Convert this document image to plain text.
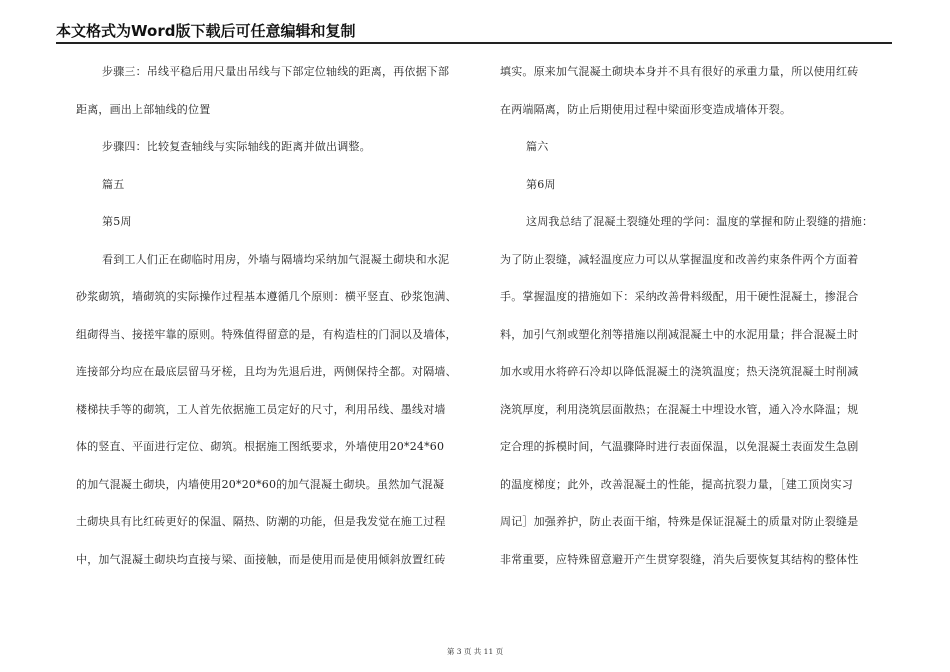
本文格式为Word版下载后可任意编辑和复制
步骤三：吊线平稳后用尺量出吊线与下部定位轴线的距离，再依据下部
距离，画出上部轴线的位置
步骤四：比较复查轴线与实际轴线的距离并做出调整。
篇五
第5周
看到工人们正在砌临时用房，外墙与隔墙均采纳加气混凝土砌块和水泥
砂浆砌筑，墙砌筑的实际操作过程基本遵循几个原则：横平竖直、砂浆饱满、
组砌得当、接搓牢靠的原则。特殊值得留意的是，有构造柱的门洞以及墙体，
连接部分均应在最底层留马牙槎，且均为先退后进，两侧保持全都。对隔墙、
楼梯扶手等的砌筑，工人首先依据施工员定好的尺寸，利用吊线、墨线对墙
体的竖直、平面进行定位、砌筑。根据施工图纸要求，外墙使用20*24*60
的加气混凝土砌块，内墙使用20*20*60的加气混凝土砌块。虽然加气混凝
土砌块具有比红砖更好的保温、隔热、防潮的功能，但是我发觉在施工过程
中，加气混凝土砌块均直接与梁、面接触，而是使用而是使用倾斜放置红砖
填实。原来加气混凝土砌块本身并不具有很好的承重力量，所以使用红砖
在两端隔离，防止后期使用过程中梁面形变造成墙体开裂。
篇六
第6周
这周我总结了混凝土裂缝处理的学问：温度的掌握和防止裂缝的措施：
为了防止裂缝，减轻温度应力可以从掌握温度和改善约束条件两个方面着
手。掌握温度的措施如下：采纳改善骨料级配，用干硬性混凝土，掺混合
料，加引气剂或塑化剂等措施以削减混凝土中的水泥用量；拌合混凝土时
加水或用水将碎石冷却以降低混凝土的浇筑温度；热天浇筑混凝土时削减
浇筑厚度，利用浇筑层面散热；在混凝土中埋设水管，通入冷水降温；规
定合理的拆模时间，气温骤降时进行表面保温，以免混凝土表面发生急剧
的温度梯度；此外，改善混凝土的性能，提高抗裂力量，［建工顶岗实习
周记］加强养护，防止表面干缩，特殊是保证混凝土的质量对防止裂缝是
非常重要，应特殊留意避开产生贯穿裂缝，消失后要恢复其结构的整体性
第 3 页 共 11 页
